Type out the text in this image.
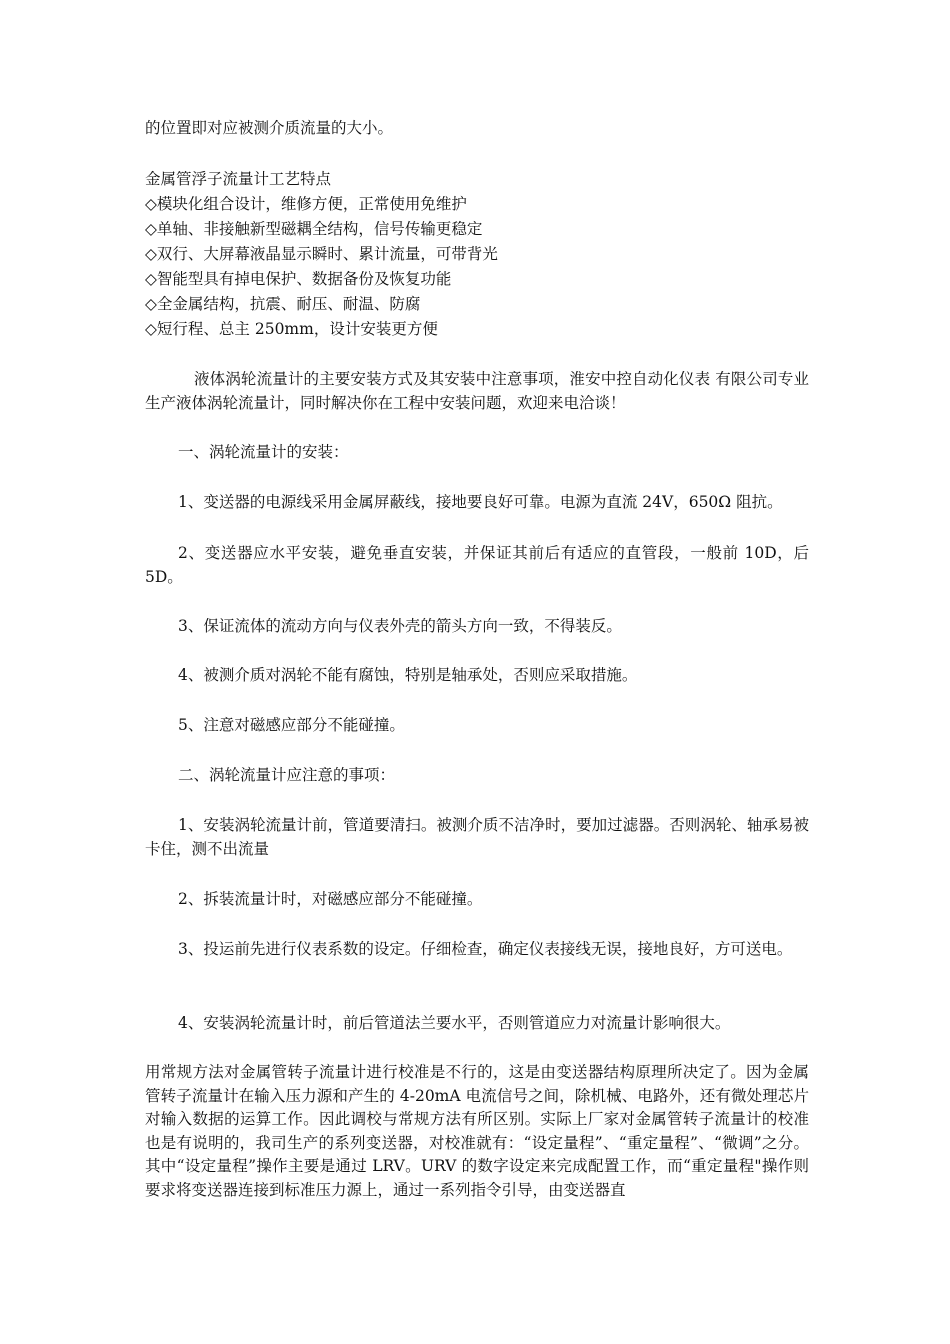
的位置即对应被测介质流量的大小。

金属管浮子流量计工艺特点

◇模块化组合设计，维修方便，正常使用免维护

◇单轴、非接触新型磁耦全结构，信号传输更稳定

◇双行、大屏幕液晶显示瞬时、累计流量，可带背光

◇智能型具有掉电保护、数据备份及恢复功能

◇全金属结构，抗震、耐压、耐温、防腐

◇短行程、总主 250mm，设计安装更方便

液体涡轮流量计的主要安装方式及其安装中注意事项，淮安中控自动化仪表 有限公司专业生产液体涡轮流量计，同时解决你在工程中安装问题，欢迎来电洽谈！

一、涡轮流量计的安装：

1、变送器的电源线采用金属屏蔽线，接地要良好可靠。电源为直流 24V，650Ω 阻抗。

2、变送器应水平安装，避免垂直安装，并保证其前后有适应的直管段，一般前 10D，后 5D。

3、保证流体的流动方向与仪表外壳的箭头方向一致，不得装反。

4、被测介质对涡轮不能有腐蚀，特别是轴承处，否则应采取措施。

5、注意对磁感应部分不能碰撞。

二、涡轮流量计应注意的事项：

1、安装涡轮流量计前，管道要清扫。被测介质不洁净时，要加过滤器。否则涡轮、轴承易被卡住，测不出流量

2、拆装流量计时，对磁感应部分不能碰撞。

3、投运前先进行仪表系数的设定。仔细检查，确定仪表接线无误，接地良好，方可送电。

4、安装涡轮流量计时，前后管道法兰要水平，否则管道应力对流量计影响很大。

用常规方法对金属管转子流量计进行校准是不行的，这是由变送器结构原理所决定了。因为金属管转子流量计在输入压力源和产生的 4-20mA 电流信号之间，除机械、电路外，还有微处理芯片对输入数据的运算工作。因此调校与常规方法有所区别。实际上厂家对金属管转子流量计的校准也是有说明的，我司生产的系列变送器，对校准就有：“设定量程”、“重定量程”、“微调”之分。其中“设定量程”操作主要是通过 LRV。URV 的数字设定来完成配置工作，而“重定量程"操作则要求将变送器连接到标准压力源上，通过一系列指令引导，由变送器直
